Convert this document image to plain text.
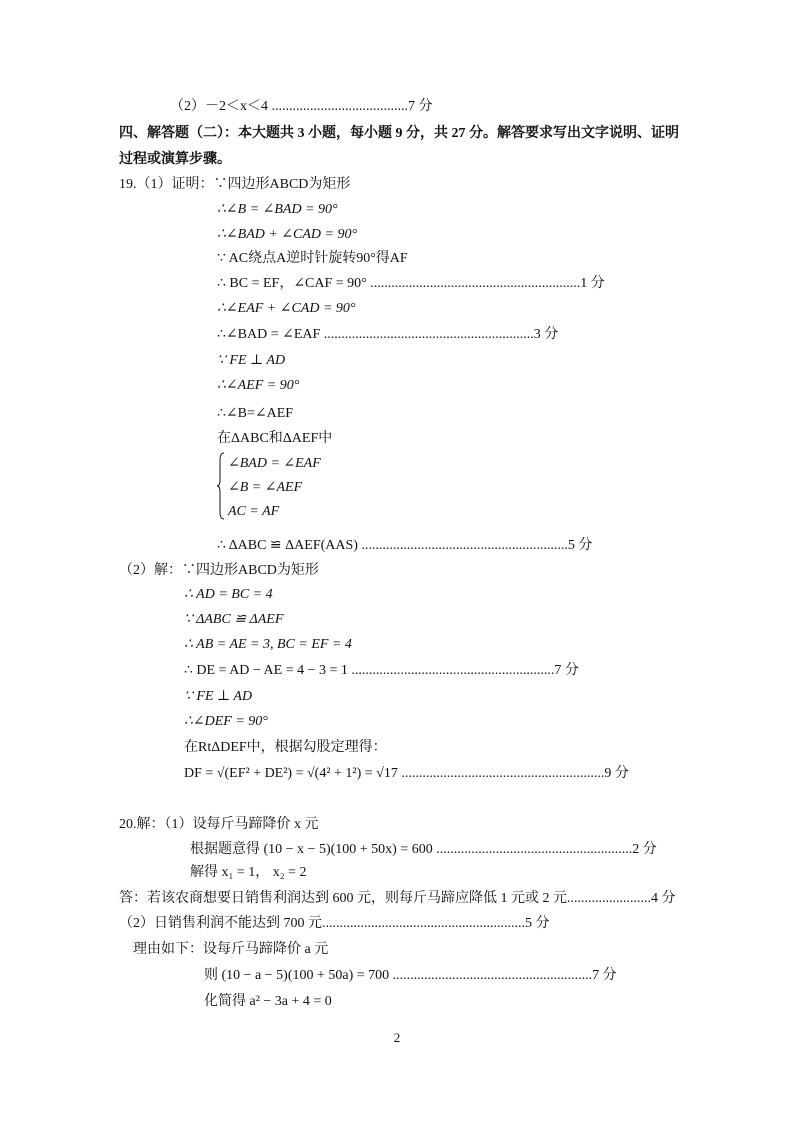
（2）－2＜x＜4 .......................................7 分
四、解答题（二）：本大题共 3 小题，每小题 9 分，共 27 分。解答要求写出文字说明、证明
过程或演算步骤。
19.（1）证明：∵四边形ABCD为矩形
∴∠B = ∠BAD = 90°
∴∠BAD + ∠CAD = 90°
∵ AC绕点A逆时针旋转90°得AF
∴ BC = EF，∠CAF = 90° ............................................................1 分
∴∠EAF + ∠CAD = 90°
∴∠BAD = ∠EAF ............................................................3 分
∵ FE ⊥ AD
∴∠AEF = 90°
∴∠B=∠AEF
在ΔABC和ΔAEF中
∠BAD = ∠EAF
∠B = ∠AEF
AC = AF
∴ ΔABC ≌ ΔAEF(AAS) ...........................................................5 分
（2）解：∵四边形ABCD为矩形
∴ AD = BC = 4
∵ ΔABC ≌ ΔAEF
∴ AB = AE = 3, BC = EF = 4
∴ DE = AD − AE = 4 − 3 = 1 ..........................................................7 分
∵ FE ⊥ AD
∴∠DEF = 90°
在RtΔDEF中，根据勾股定理得：
DF = √(EF² + DE²) = √(4² + 1²) = √17 ..........................................................9 分
20.解：（1）设每斤马蹄降价 x 元
根据题意得 (10 − x − 5)(100 + 50x) = 600 ........................................................2 分
解得 x₁ = 1， x₂ = 2
答：若该农商想要日销售利润达到 600 元，则每斤马蹄应降低 1 元或 2 元........................4 分
（2）日销售利润不能达到 700 元..........................................................5 分
理由如下：设每斤马蹄降价 a 元
则 (10 − a − 5)(100 + 50a) = 700 .........................................................7 分
化简得 a² − 3a + 4 = 0
2
